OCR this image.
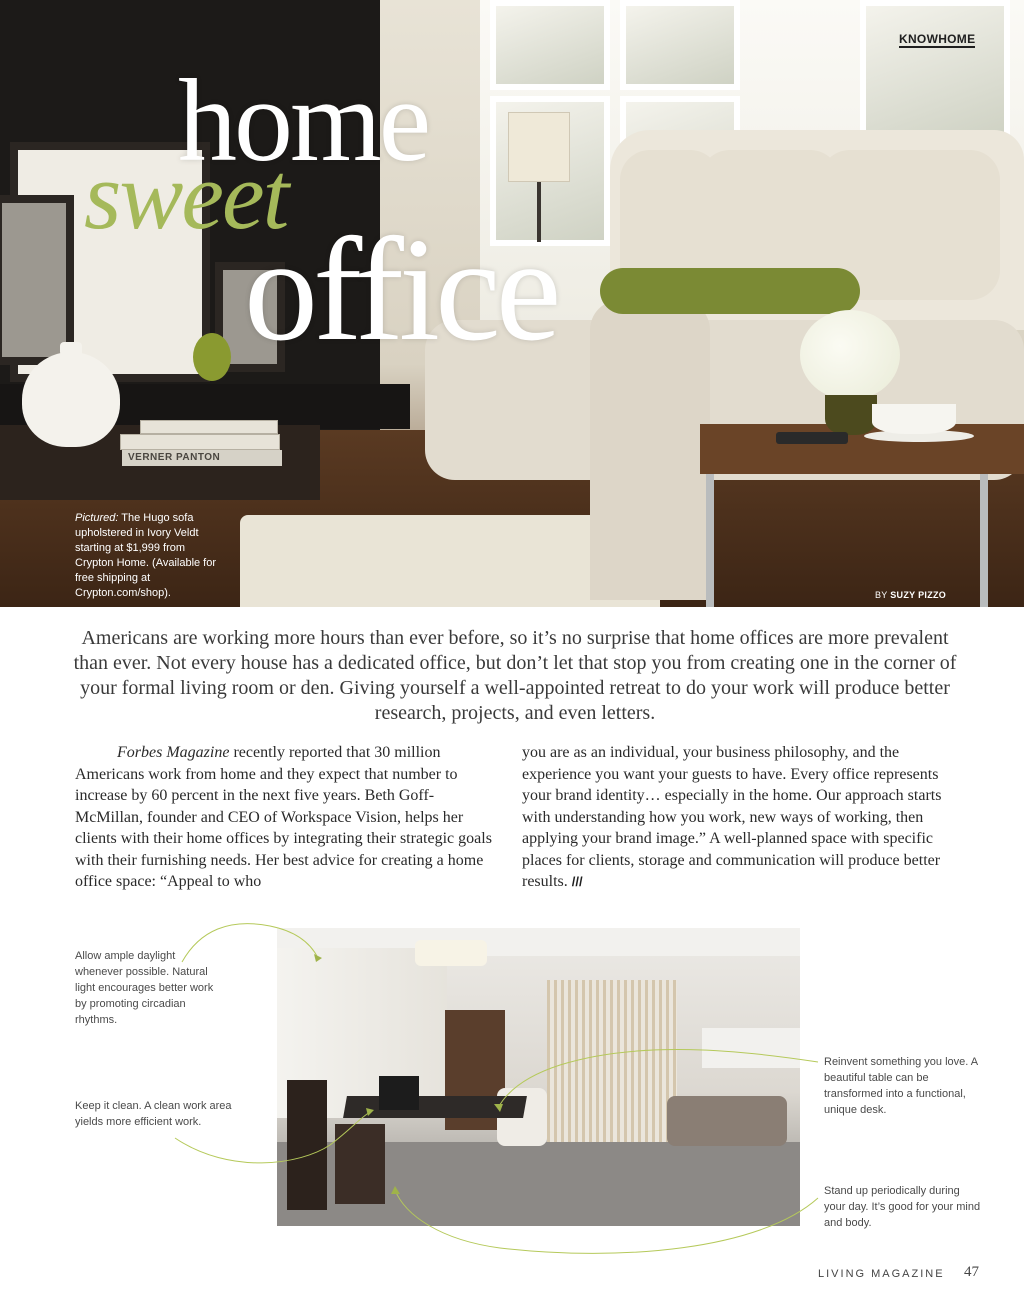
VERNER PANTON
KNOWHOME
home
sweet
office
Pictured: The Hugo sofa upholstered in Ivory Veldt starting at $1,999 from Crypton Home. (Available for free shipping at Crypton.com/shop).	BY SUZY PIZZO

Americans are working more hours than ever before, so it’s no surprise that home offices are more prevalent than ever. Not every house has a dedicated office, but don’t let that stop you from creating one in the corner of your formal living room or den. Giving yourself a well-appointed retreat to do your work will produce better research, projects, and even letters.

Forbes Magazine recently reported that 30 million Americans work from home and they expect that number to increase by 60 percent in the next five years. Beth Goff-McMillan, founder and CEO of Workspace Vision, helps her clients with their home offices by integrating their strategic goals with their furnishing needs. Her best advice for creating a home office space: “Appeal to who

you are as an individual, your business philosophy, and the experience you want your guests to have. Every office represents your brand identity… especially in the home. Our approach starts with understanding how you work, new ways of working, then applying your brand image.” A well-planned space with specific places for clients, storage and communication will produce better results. ///

Allow ample daylight whenever possible. Natural light encourages better work by promoting circadian rhythms.
Keep it clean. A clean work area yields more efficient work.
Reinvent something you love. A beautiful table can be transformed into a functional, unique desk.
Stand up periodically during your day. It’s good for your mind and body.
LIVING MAGAZINE 47
